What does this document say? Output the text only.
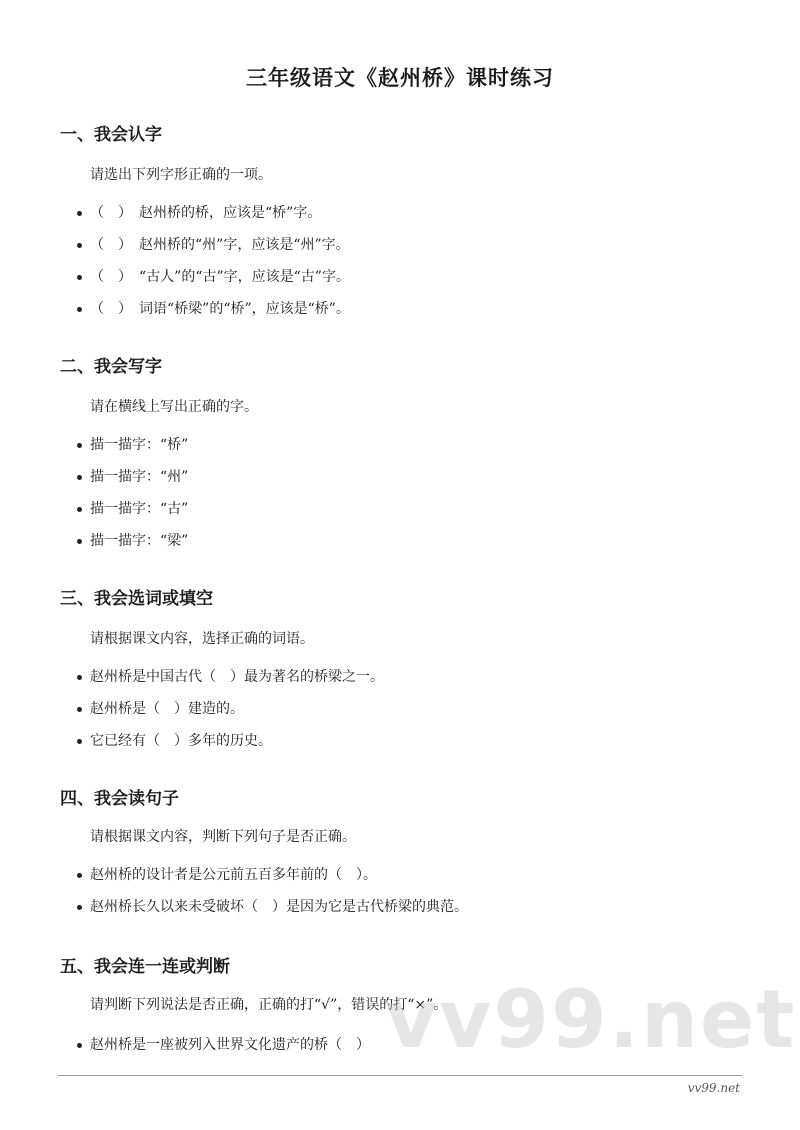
三年级语文《赵州桥》课时练习
一、我会认字

请选出下列字形正确的一项。

（　）　赵州桥的桥，应该是“桥”字。
（　）　赵州桥的“州”字，应该是“州”字。
（　）　“古人”的“古”字，应该是“古”字。
（　）　词语“桥梁”的“桥”，应该是“桥”。
二、我会写字

请在横线上写出正确的字。

描一描字：“桥”
描一描字：“州”
描一描字：“古”
描一描字：“梁”
三、我会选词或填空

请根据课文内容，选择正确的词语。

赵州桥是中国古代（　）最为著名的桥梁之一。
赵州桥是（　）建造的。
它已经有（　）多年的历史。
四、我会读句子

请根据课文内容，判断下列句子是否正确。

赵州桥的设计者是公元前五百多年前的（　）。
赵州桥长久以来未受破坏（　）是因为它是古代桥梁的典范。
五、我会连一连或判断

请判断下列说法是否正确，正确的打“√”，错误的打“×”。

赵州桥是一座被列入世界文化遗产的桥（　） vv99.net
vv99.net
